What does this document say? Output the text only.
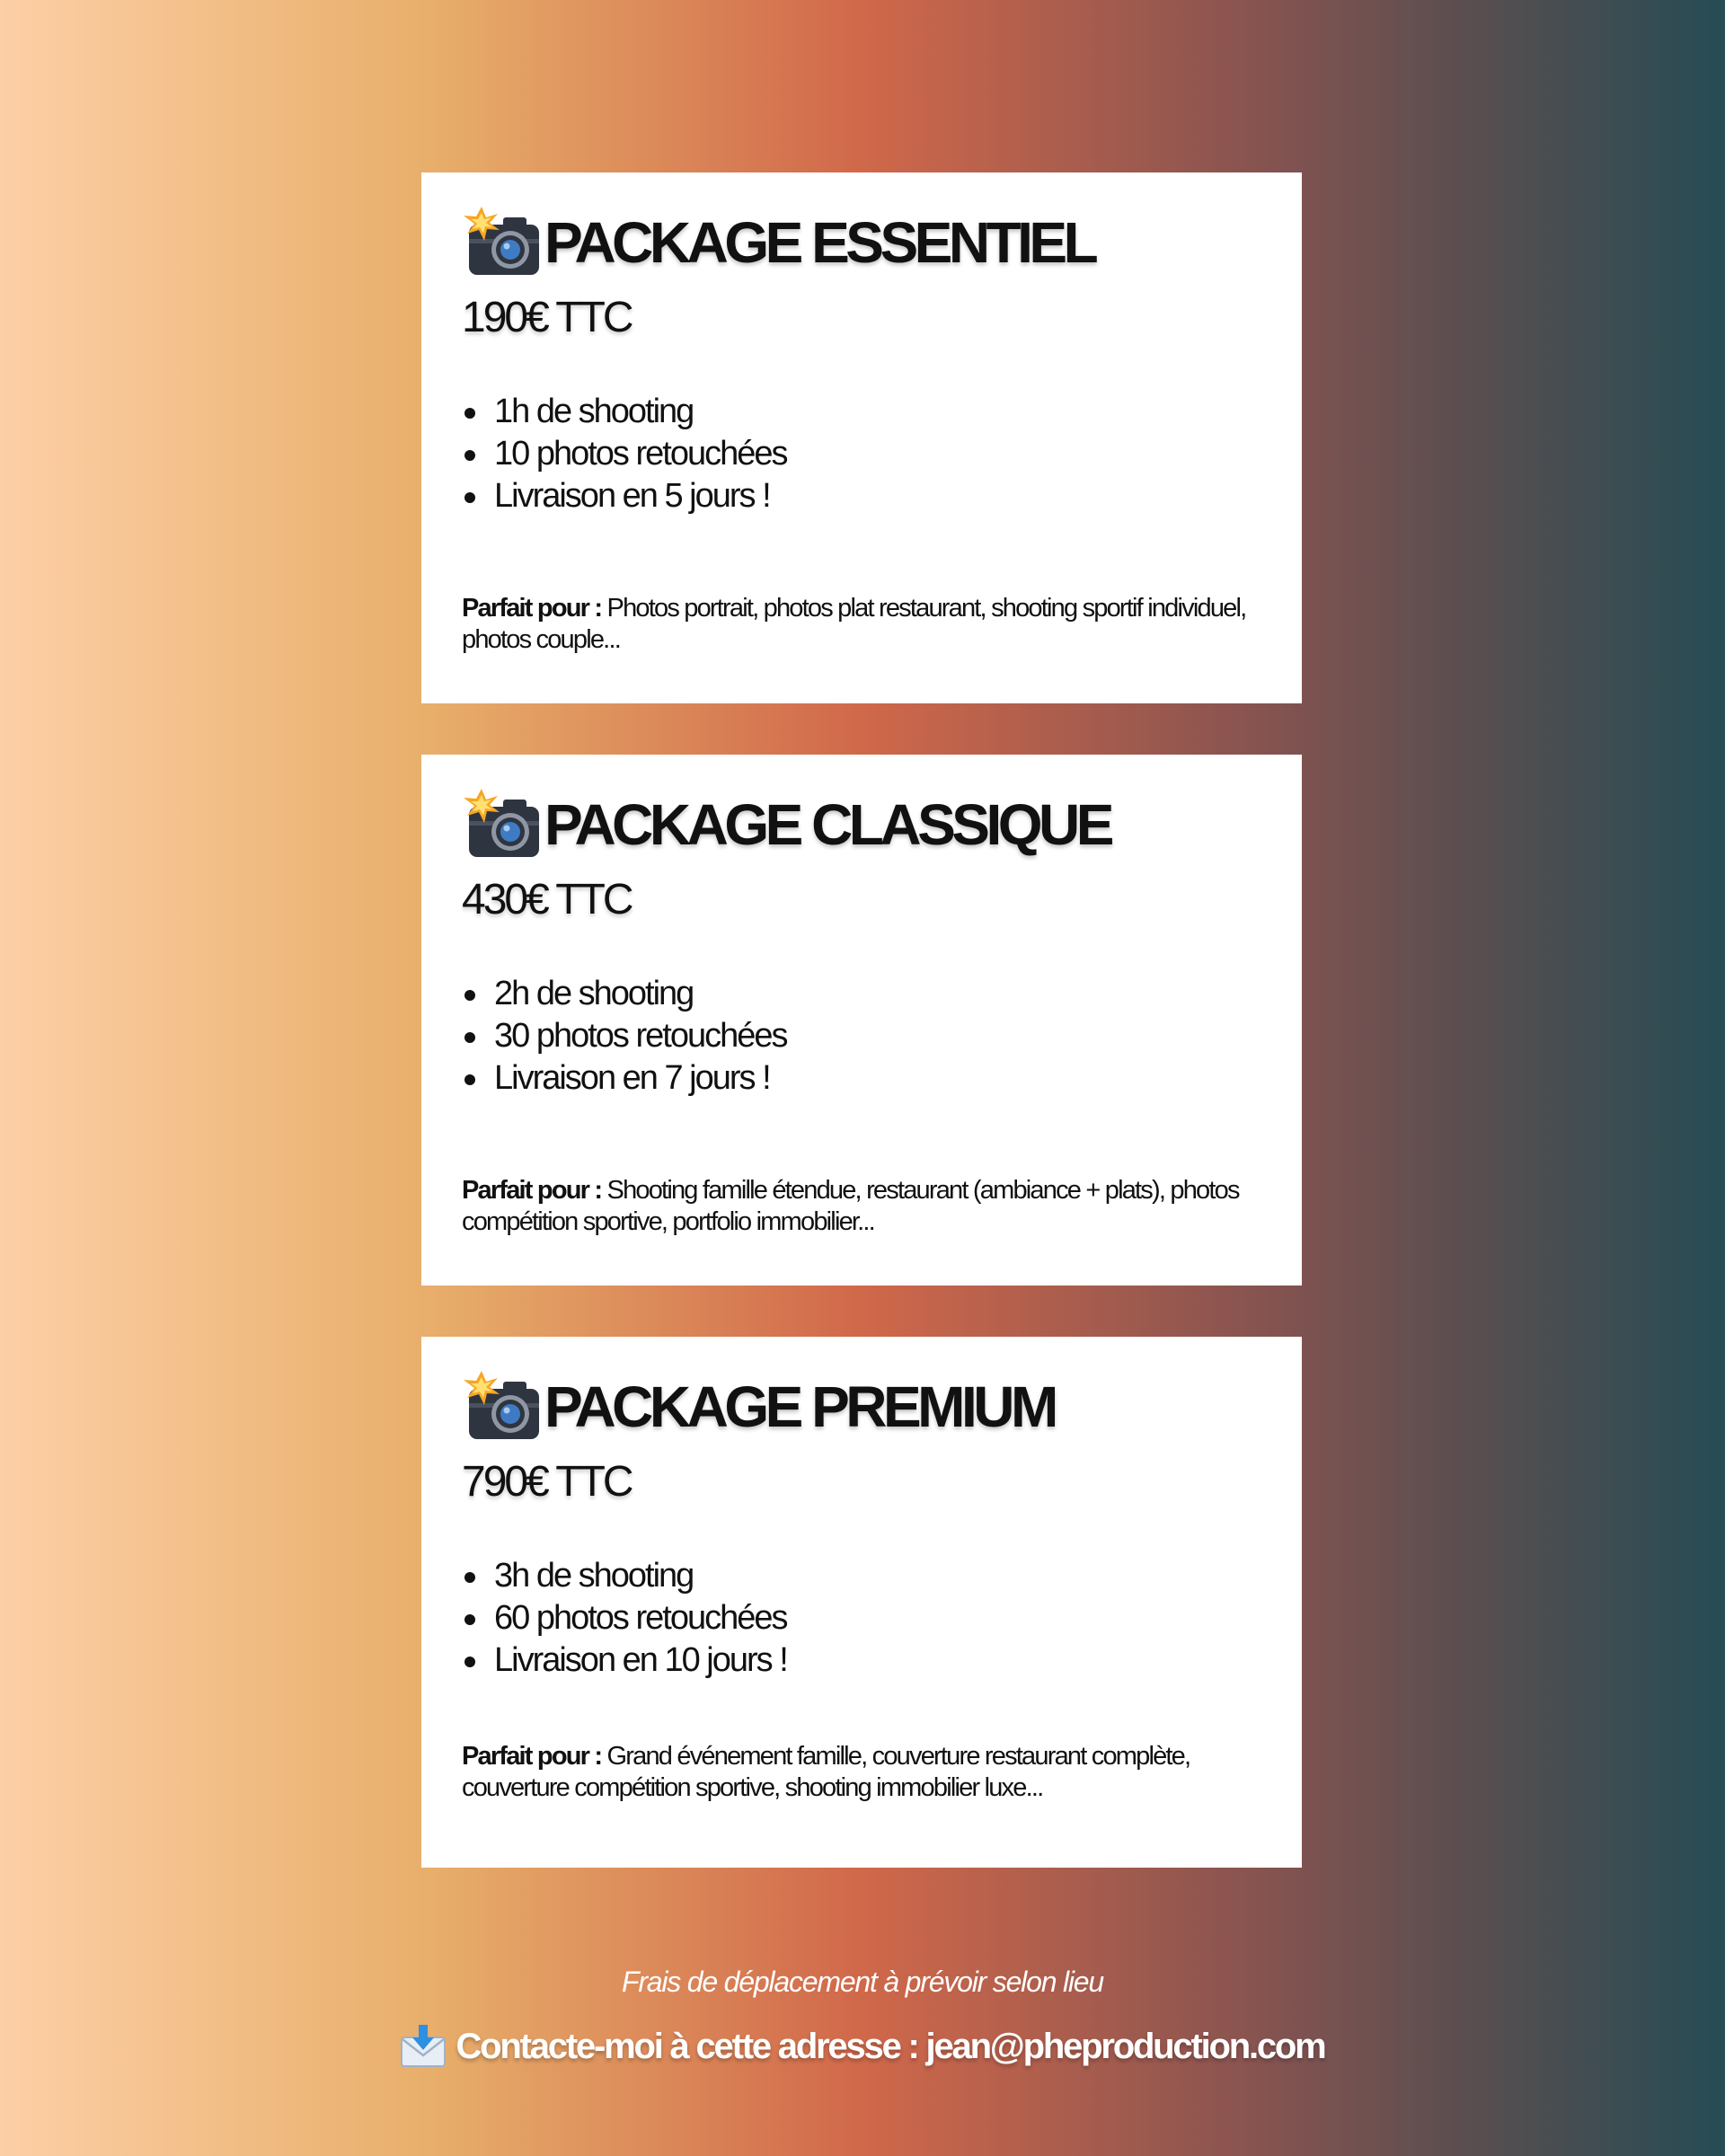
PACKAGE ESSENTIEL
190€ TTC
1h de shooting
10 photos retouchées
Livraison en 5 jours !
Parfait pour : Photos portrait, photos plat restaurant, shooting sportif individuel, photos couple...
PACKAGE CLASSIQUE
430€ TTC
2h de shooting
30 photos retouchées
Livraison en 7 jours !
Parfait pour : Shooting famille étendue, restaurant (ambiance + plats), photos compétition sportive, portfolio immobilier...
PACKAGE PREMIUM
790€ TTC
3h de shooting
60 photos retouchées
Livraison en 10 jours !
Parfait pour : Grand événement famille, couverture restaurant complète, couverture compétition sportive, shooting immobilier luxe...
Frais de déplacement à prévoir selon lieu
Contacte-moi à cette adresse : jean@pheproduction.com
